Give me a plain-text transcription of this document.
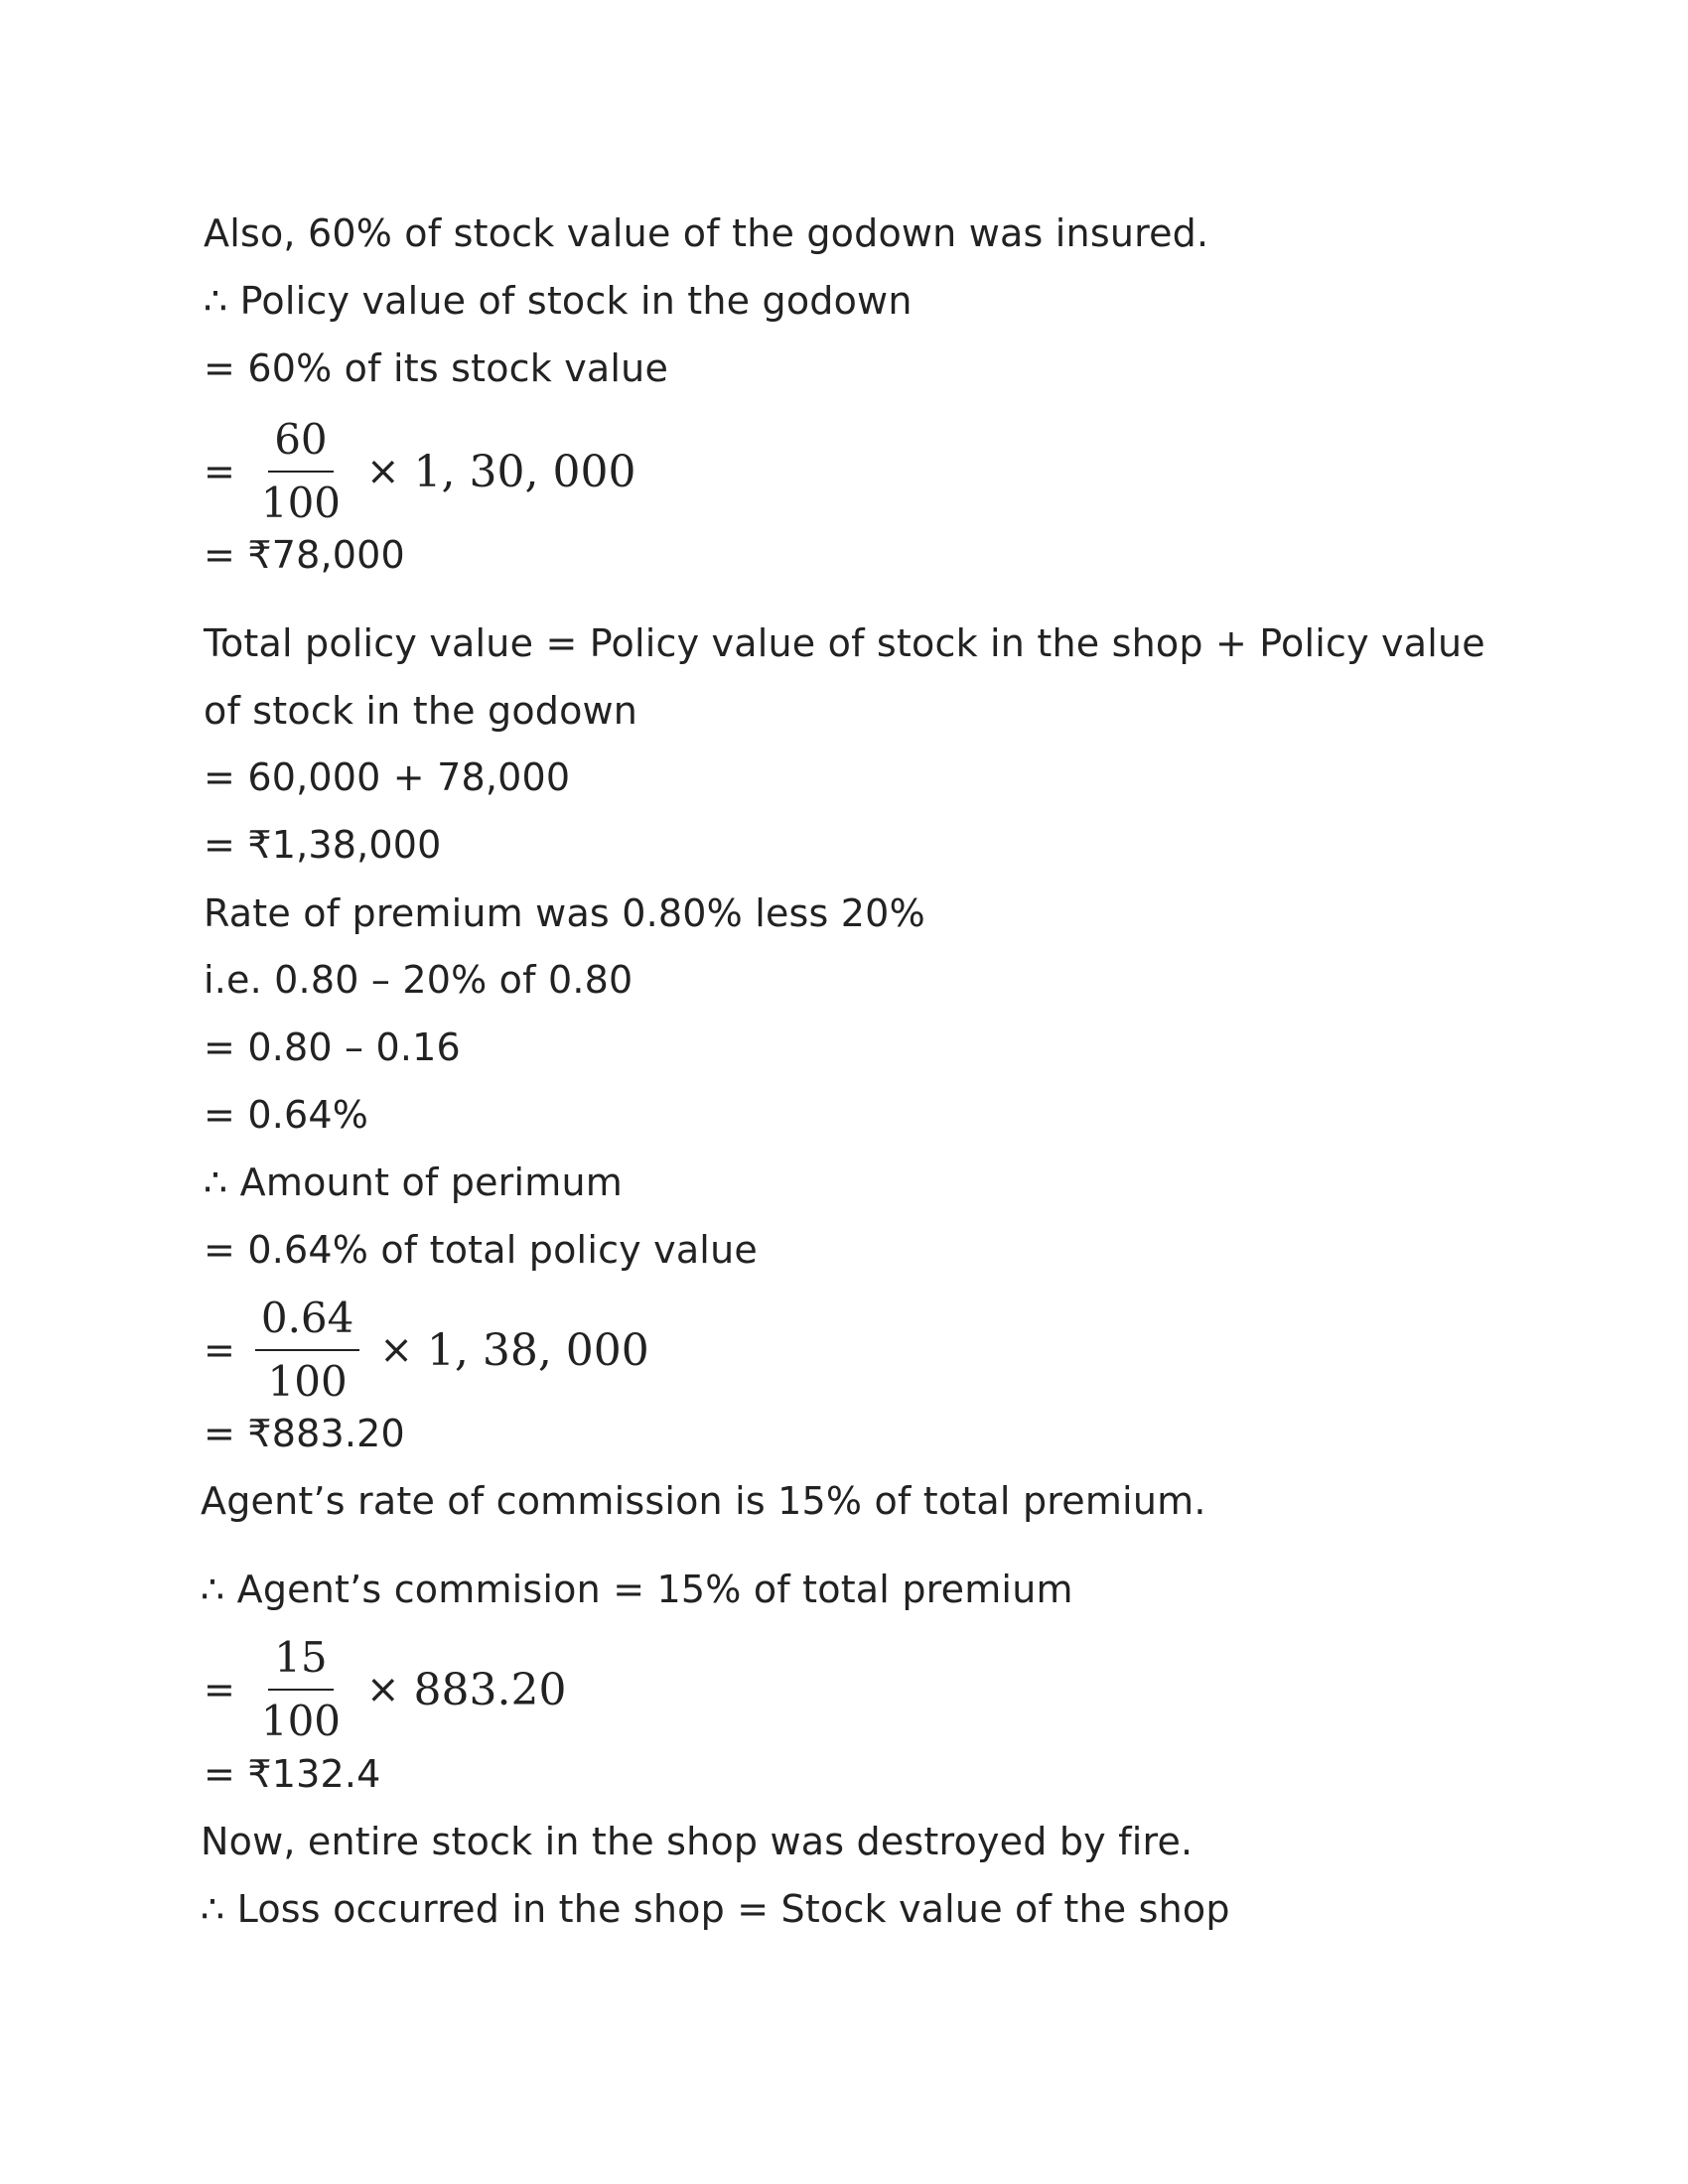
Also, 60% of stock value of the godown was insured.
∴ Policy value of stock in the godown
= 60% of its stock value
= $\frac{60}{100} \times 1$, 30, 000
= ₹78,000
Total policy value = Policy value of stock in the shop + Policy value
of stock in the godown
= 60,000 + 78,000
= ₹1,38,000
Rate of premium was 0.80% less 20%
i.e. 0.80 – 20% of 0.80
= 0.80 – 0.16
= 0.64%
∴ Amount of perimum
= 0.64% of total policy value
= $\frac{0.64}{100} \times 1$, 38, 000
= ₹883.20
Agent’s rate of commission is 15% of total premium.
∴ Agent’s commision = 15% of total premium
= $\frac{15}{100} \times 883.20$
= ₹132.4
Now, entire stock in the shop was destroyed by fire.
∴ Loss occurred in the shop = Stock value of the shop
